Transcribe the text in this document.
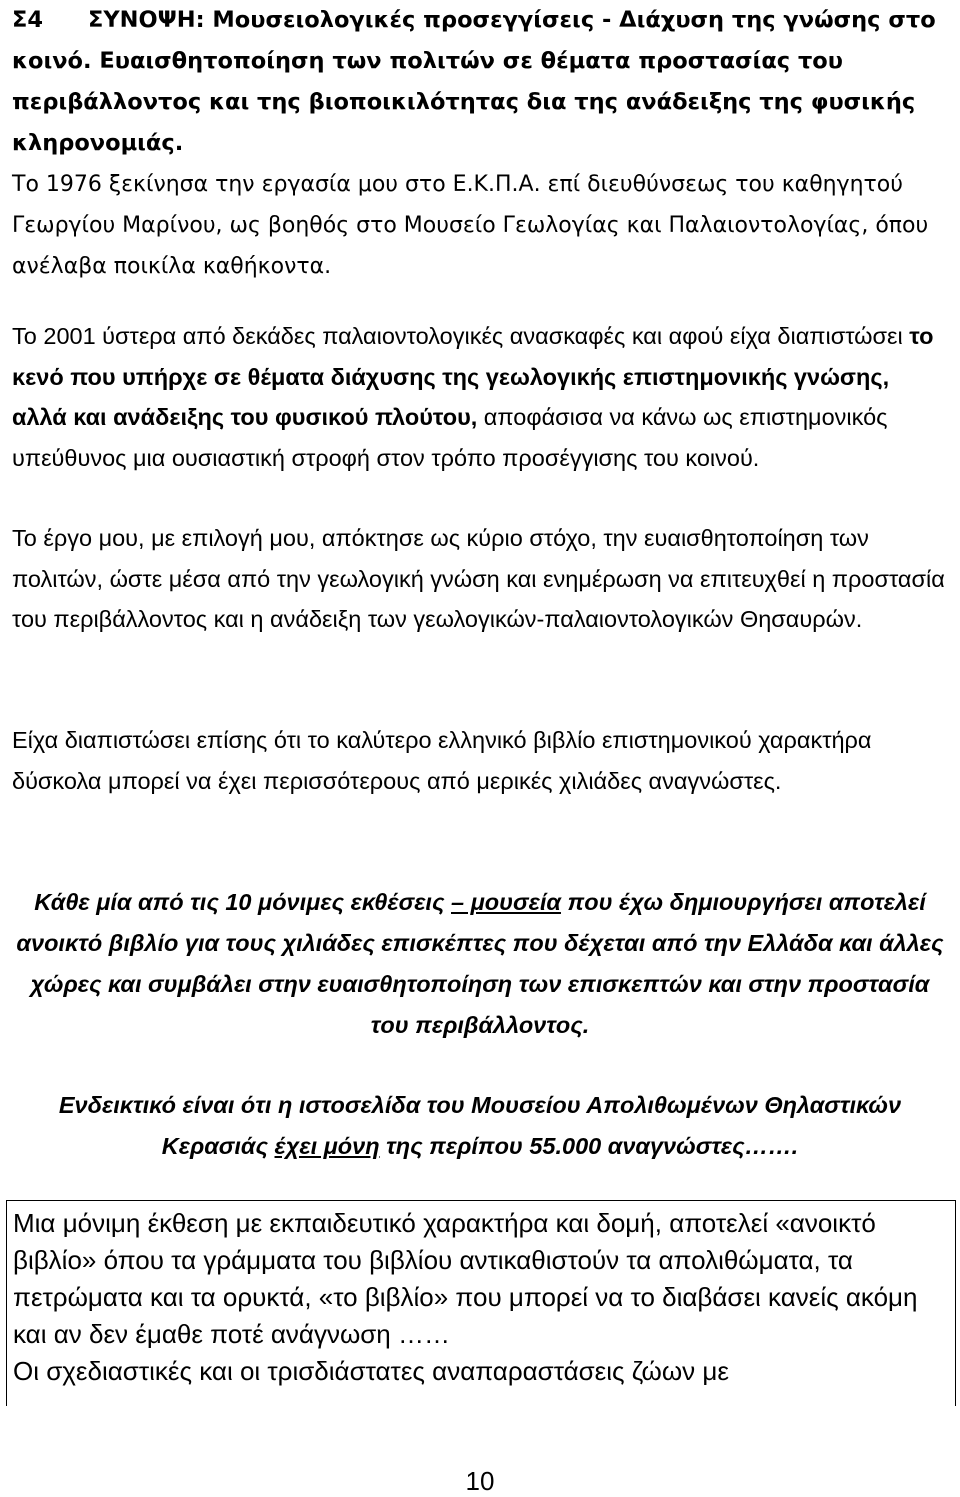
Σ4 ΣΥΝΟΨΗ: Μουσειολογικές προσεγγίσεις - Διάχυση της γνώσης στο κοινό. Ευαισθητοποίηση των πολιτών σε θέματα προστασίας του περιβάλλοντος και της βιοποικιλότητας δια της ανάδειξης της φυσικής κληρονομιάς.

Το 1976 ξεκίνησα την εργασία μου στο Ε.Κ.Π.Α. επί διευθύνσεως του καθηγητού Γεωργίου Μαρίνου, ως βοηθός στο Μουσείο Γεωλογίας και Παλαιοντολογίας, όπου ανέλαβα ποικίλα καθήκοντα.

Το 2001 ύστερα από δεκάδες παλαιοντολογικές ανασκαφές και αφού είχα διαπιστώσει το κενό που υπήρχε σε θέματα διάχυσης της γεωλογικής επιστημονικής γνώσης, αλλά και ανάδειξης του φυσικού πλούτου, αποφάσισα να κάνω ως επιστημονικός υπεύθυνος μια ουσιαστική στροφή στον τρόπο προσέγγισης του κοινού.

Το έργο μου, με επιλογή μου, απόκτησε ως κύριο στόχο, την ευαισθητοποίηση των πολιτών, ώστε μέσα από την γεωλογική γνώση και ενημέρωση να επιτευχθεί η προστασία του περιβάλλοντος και η ανάδειξη των γεωλογικών-παλαιοντολογικών Θησαυρών.

Είχα διαπιστώσει επίσης ότι το καλύτερο ελληνικό βιβλίο επιστημονικού χαρακτήρα δύσκολα μπορεί να έχει περισσότερους από μερικές χιλιάδες αναγνώστες.

Κάθε μία από τις 10 μόνιμες εκθέσεις – μουσεία που έχω δημιουργήσει αποτελεί ανοικτό βιβλίο για τους χιλιάδες επισκέπτες που δέχεται από την Ελλάδα και άλλες χώρες και συμβάλει στην ευαισθητοποίηση των επισκεπτών και στην προστασία του περιβάλλοντος.

Ενδεικτικό είναι ότι η ιστοσελίδα του Μουσείου Απολιθωμένων Θηλαστικών Κερασιάς έχει μόνη της περίπου 55.000 αναγνώστες…….

Μια μόνιμη έκθεση με εκπαιδευτικό χαρακτήρα και δομή, αποτελεί «ανοικτό βιβλίο» όπου τα γράμματα του βιβλίου αντικαθιστούν τα απολιθώματα, τα πετρώματα και τα ορυκτά, «το βιβλίο» που μπορεί να το διαβάσει κανείς ακόμη και αν δεν έμαθε ποτέ ανάγνωση ……

Οι σχεδιαστικές και οι τρισδιάστατες αναπαραστάσεις ζώων με

10
